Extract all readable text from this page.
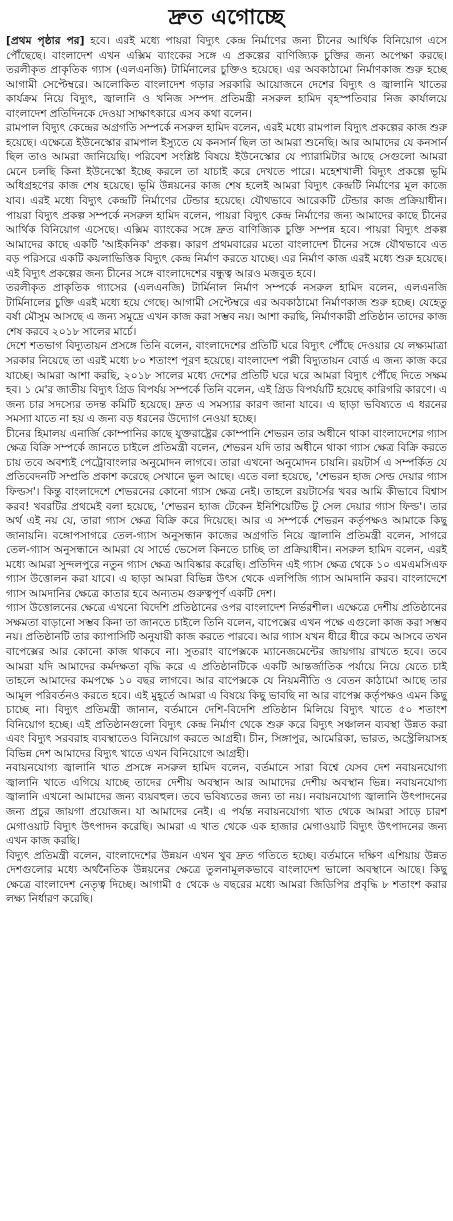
দ্রুত এগোচ্ছে

[প্রথম পৃষ্ঠার পর] হবে। এরই মধ্যে পায়রা বিদ্যুৎ কেন্দ্র নির্মাণের জন্য চীনের আর্থিক বিনিয়োগ এসে পৌঁছেছে। বাংলাদেশ এখন এক্সিম ব্যাংকের সঙ্গে এ প্রকল্পের বাণিজ্যিক চুক্তির জন্য অপেক্ষা করছে। তরলীকৃত প্রাকৃতিক গ্যাস (এলএনজি) টার্মিনালের চুক্তিও হয়েছে। এর অবকাঠামো নির্মাণকাজ শুরু হচ্ছে আগামী সেপ্টেম্বরে। আলোকিত বাংলাদেশ গড়ার সরকারি আয়োজনে দেশের বিদ্যুৎ ও জ্বালানি খাতের কার্যক্রম নিয়ে বিদ্যুৎ, জ্বালানি ও খনিজ সম্পদ প্রতিমন্ত্রী নসরুল হামিদ বৃহস্পতিবার নিজ কার্যালয়ে বাংলাদেশ প্রতিদিনকে দেওয়া সাক্ষাৎকারে এসব কথা বলেন।

রামপাল বিদ্যুৎ কেন্দ্রের অগ্রগতি সম্পর্কে নসরুল হামিদ বলেন, এরই মধ্যে রামপাল বিদ্যুৎ প্রকল্পের কাজ শুরু হয়েছে। এক্ষেত্রে ইউনেস্কোর রামপাল ইস্যুতে যে কনসার্ন ছিল তা আমরা শুনেছি। আর আমাদের যে কনসার্ন ছিল তাও আমরা জানিয়েছি। পরিবেশ সংশ্লিষ্ট বিষয়ে ইউনেস্কোর যে প্যারামিটার আছে সেগুলো আমরা মেনে চলছি কিনা ইউনেস্কো ইচ্ছে করলে তা যাচাই করে দেখতে পারে। মহেশখালী বিদ্যুৎ প্রকল্পে ভূমি অধিগ্রহণের কাজ শেষ হয়েছে। ভূমি উন্নয়নের কাজ শেষ হলেই আমরা বিদ্যুৎ কেন্দ্রটি নির্মাণের মূল কাজে যাব। এরই মধ্যে বিদ্যুৎ কেন্দ্রটি নির্মাণের টেন্ডার হয়েছে। যৌথভাবে আরেকটি টেন্ডার কাজ প্রক্রিয়াধীন। পায়রা বিদ্যুৎ প্রকল্প সম্পর্কে নসরুল হামিদ বলেন, পায়রা বিদ্যুৎ কেন্দ্র নির্মাণের জন্য আমাদের কাছে চীনের আর্থিক বিনিয়োগ এসেছে। এক্সিম ব্যাংকের সঙ্গে দ্রুত বাণিজ্যিক চুক্তি সম্পন্ন হবে। পায়রা বিদ্যুৎ প্রকল্প আমাদের কাছে একটি 'আইকনিক' প্রকল্প। কারণ প্রথমবারের মতো বাংলাদেশ চীনের সঙ্গে যৌথভাবে এত বড় পরিসরে একটি কয়লাভিত্তিক বিদ্যুৎ কেন্দ্র নির্মাণ করতে যাচ্ছে। এর নির্মাণ কাজ এরই মধ্যে শুরু হয়েছে। এই বিদ্যুৎ প্রকল্পের জন্য চীনের সঙ্গে বাংলাদেশের বন্ধুত্ব আরও মজবুত হবে।

তরলীকৃত প্রাকৃতিক গ্যাসের (এলএনজি) টার্মিনাল নির্মাণ সম্পর্কে নসরুল হামিদ বলেন, এলএনজি টার্মিনালের চুক্তি এরই মধ্যে হয়ে গেছে। আগামী সেপ্টেম্বরে এর অবকাঠামো নির্মাণকাজ শুরু হচ্ছে। যেহেতু বর্ষা মৌসুম আসছে এ জন্য সমুদ্রে এখন কাজ করা সম্ভব নয়। আশা করছি, নির্মাণকারী প্রতিষ্ঠান তাদের কাজ শেষ করবে ২০১৮ সালের মার্চে।

দেশে শতভাগ বিদ্যুতায়ন প্রসঙ্গে তিনি বলেন, বাংলাদেশের প্রতিটি ঘরে বিদ্যুৎ পৌঁছে দেওয়ার যে লক্ষ্যমাত্রা সরকার নিয়েছে তা এরই মধ্যে ৮০ শতাংশ পূরণ হয়েছে। বাংলাদেশ পল্লী বিদ্যুতায়ন বোর্ড এ জন্য কাজ করে যাচ্ছে। আমরা আশা করছি, ২০১৮ সালের মধ্যে দেশের প্রতিটি ঘরে ঘরে আমরা বিদ্যুৎ পৌঁছে দিতে সক্ষম হব। ১ মে'র জাতীয় বিদ্যুৎ গ্রিড বিপর্যয় সম্পর্কে তিনি বলেন, এই গ্রিড বিপর্যয়টি হয়েছে কারিগরি কারণে। এ জন্য চার সদস্যের তদন্ত কমিটি হয়েছে। দ্রুত এ সমস্যার কারণ জানা যাবে। এ ছাড়া ভবিষ্যতে এ ধরনের সমস্যা যাতে না হয় এ জন্য বড় ধরনের উদ্যোগ নেওয়া হচ্ছে।

চীনের হিমালয় এনার্জি কোম্পানির কাছে যুক্তরাষ্ট্রের কোম্পানি শেভরন তার অধীনে থাকা বাংলাদেশের গ্যাস ক্ষেত্র বিক্রি সম্পর্কে জানতে চাইলে প্রতিমন্ত্রী বলেন, শেভরন যদি তার অধীনে থাকা গ্যাস ক্ষেত্র বিক্রি করতে চায় তবে অবশ্যই পেট্রোবাংলার অনুমোদন লাগবে। তারা এখনো অনুমোদন চায়নি। রয়টার্স এ সম্পর্কিত যে প্রতিবেদনটি সম্প্রতি প্রকাশ করেছে সেখানে ভুল আছে। এতে বলা হয়েছে, 'শেভরন হাজ সেল্ড দেয়ার গ্যাস ফিল্ডস'। কিন্তু বাংলাদেশে শেভরনের কোনো গ্যাস ক্ষেত্র নেই। তাহলে রয়টার্সের খবর আমি কীভাবে বিশ্বাস করব! খবরটির প্রথমেই বলা হয়েছে, 'শেভরন হ্যাজ টেকেন ইনিশিয়েটিভ টু সেল দেয়ার গ্যাস ফিল্ড'। তার অর্থ এই নয় যে, তারা গ্যাস ক্ষেত্র বিক্রি করে দিয়েছে। আর এ সম্পর্কে শেভরন কর্তৃপক্ষও আমাকে কিছু জানায়নি। বঙ্গোপসাগরে তেল-গ্যাস অনুসন্ধান কাজের অগ্রগতি নিয়ে জ্বালানি প্রতিমন্ত্রী বলেন, সাগরে তেল-গ্যাস অনুসন্ধানে আমরা যে সার্ভে ভেসেল কিনতে চাচ্ছি তা প্রক্রিয়াধীন। নসরুল হামিদ বলেন, এরই মধ্যে আমরা সুন্দলপুরে নতুন গ্যাস ক্ষেত্র আবিষ্কার করেছি। প্রতিদিন এই গ্যাস ক্ষেত্র থেকে ১০ এমএমসিএফ গ্যাস উত্তোলন করা যাবে। এ ছাড়া আমরা বিভিন্ন উৎস থেকে এলপিজি গ্যাস আমদানি করব। বাংলাদেশে গ্যাস আমদানির ক্ষেত্রে কাতার হবে অন্যতম গুরুত্বপূর্ণ একটি দেশ।

গ্যাস উত্তোলনের ক্ষেত্রে এখনো বিদেশি প্রতিষ্ঠানের ওপর বাংলাদেশ নির্ভরশীল। এক্ষেত্রে দেশীয় প্রতিষ্ঠানের সক্ষমতা বাড়ানো সম্ভব কিনা তা জানতে চাইলে তিনি বলেন, বাপেক্সের এখন পক্ষে এগুলো কাজ করা সম্ভব নয়। প্রতিষ্ঠানটি তার ক্যাপাসিটি অনুযায়ী কাজ করতে পারবে। আর গ্যাস যখন ধীরে ধীরে কমে আসবে তখন বাপেক্সের আর কোনো কাজ থাকবে না। সুতরাং বাপেক্সকে ম্যানেজমেন্টের জায়গায় রাখতে হবে। তবে আমরা যদি আমাদের কর্মদক্ষতা বৃদ্ধি করে এ প্রতিষ্ঠানটিকে একটি আন্তর্জাতিক পর্যায়ে নিয়ে যেতে চাই তাহলে আমাদের কমপক্ষে ১০ বছর লাগবে। আর বাপেক্সকে যে নিয়মনীতি ও বেতন কাঠামো আছে তার আমূল পরিবর্তনও করতে হবে। এই মুহূর্তে আমরা এ বিষয়ে কিছু ভাবছি না আর বাপেক্স কর্তৃপক্ষও এমন কিছু চাচ্ছে না। বিদ্যুৎ প্রতিমন্ত্রী জানান, বর্তমানে দেশি-বিদেশি প্রতিষ্ঠান মিলিয়ে বিদ্যুৎ খাতে ৫০ শতাংশ বিনিয়োগ হচ্ছে। এই প্রতিষ্ঠানগুলো বিদ্যুৎ কেন্দ্র নির্মাণ থেকে শুরু করে বিদ্যুৎ সঞ্চালন ব্যবস্থা উন্নত করা এবং বিদ্যুৎ সরবরাহ ব্যবস্থাতেও বিনিয়োগ করতে আগ্রহী। চীন, সিঙ্গাপুর, আমেরিকা, ভারত, অস্ট্রেলিয়াসহ বিভিন্ন দেশ আমাদের বিদ্যুৎ খাতে এখন বিনিয়োগে আগ্রহী।

নবায়নযোগ্য জ্বালানি খাত প্রসঙ্গে নসরুল হামিদ বলেন, বর্তমানে সারা বিশ্বে যেসব দেশ নবায়নযোগ্য জ্বালানি খাতে এগিয়ে যাচ্ছে তাদের দেশীয় অবস্থান আর আমাদের দেশীয় অবস্থান ভিন্ন। নবায়নযোগ্য জ্বালানি এখনো আমাদের জন্য ব্যয়বহুল। তবে ভবিষ্যতের জন্য তা নয়। নবায়নযোগ্য জ্বালানি উৎপাদনের জন্য প্রচুর জায়গা প্রয়োজন। যা আমাদের নেই। এ পর্যন্ত নবায়নযোগ্য খাত থেকে আমরা সাড়ে চারশ মেগাওয়াট বিদ্যুৎ উৎপাদন করেছি। আমরা এ খাত থেকে এক হাজার মেগাওয়াট বিদ্যুৎ উৎপাদনের জন্য এখন কাজ করছি।

বিদ্যুৎ প্রতিমন্ত্রী বলেন, বাংলাদেশের উন্নয়ন এখন খুব দ্রুত গতিতে হচ্ছে। বর্তমানে দক্ষিণ এশিয়ায় উন্নত দেশগুলোর মধ্যে অর্থনৈতিক উন্নয়নের ক্ষেত্রে তুলনামূলকভাবে বাংলাদেশ ভালো অবস্থানে আছে। কিছু ক্ষেত্রে বাংলাদেশ নেতৃত্ব দিচ্ছে। আগামী ৫ থেকে ৬ বছরের মধ্যে আমরা জিডিপির প্রবৃদ্ধি ৮ শতাংশ করার লক্ষ্য নির্ধারণ করেছি।
